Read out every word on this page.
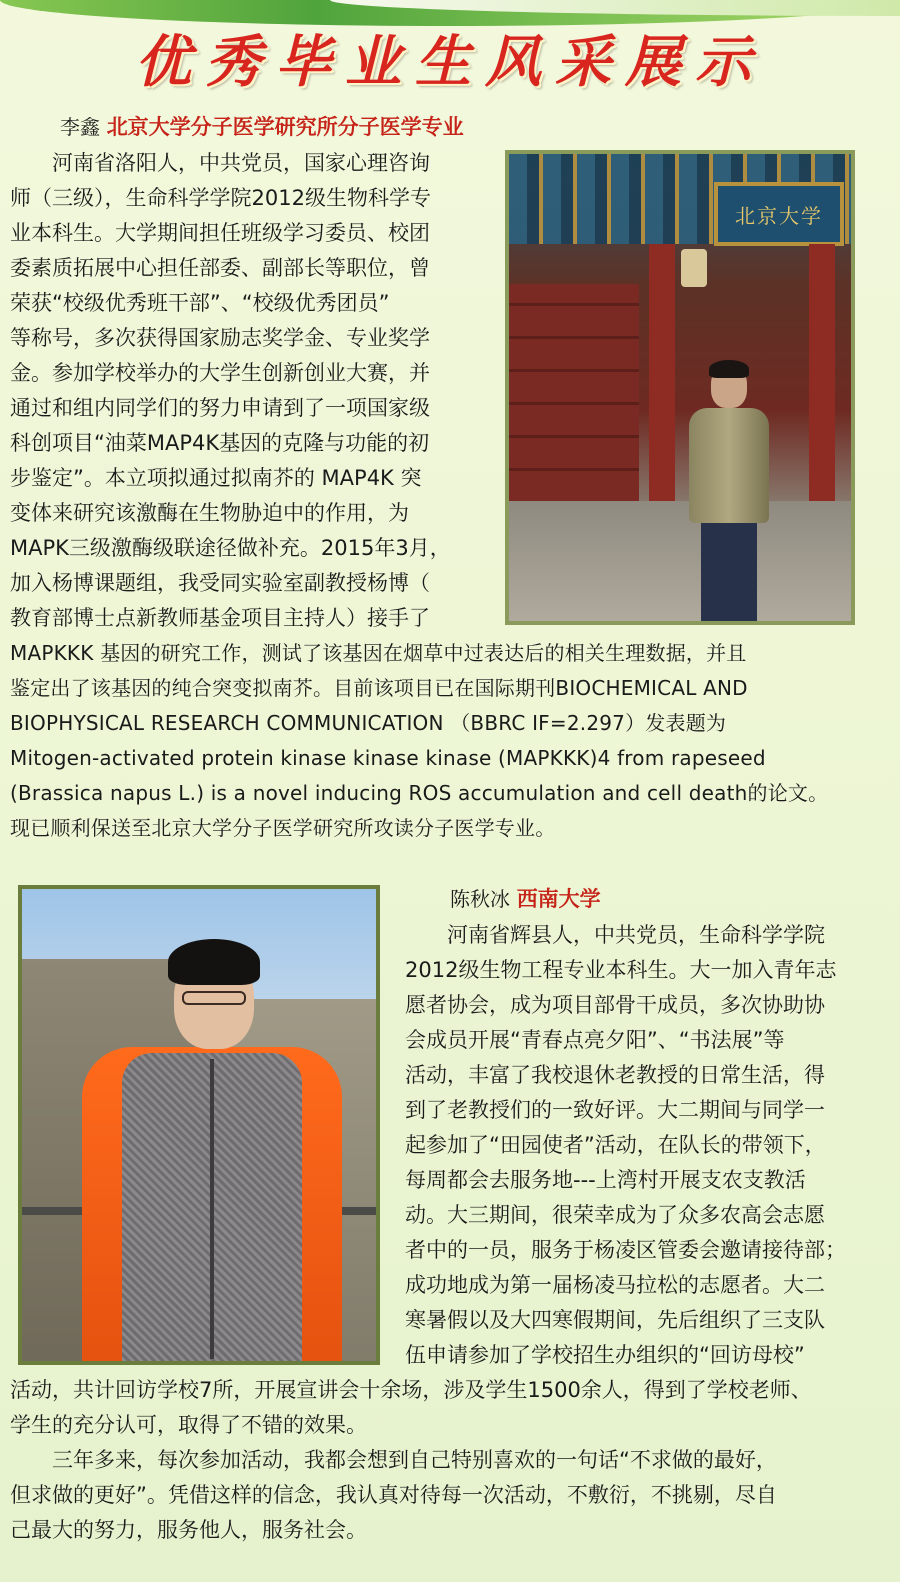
优秀毕业生风采展示
李鑫 北京大学分子医学研究所分子医学专业

河南省洛阳人，中共党员，国家心理咨询

师（三级），生命科学学院2012级生物科学专

业本科生。大学期间担任班级学习委员、校团

委素质拓展中心担任部委、副部长等职位，曾

荣获“校级优秀班干部”、“校级优秀团员”

等称号，多次获得国家励志奖学金、专业奖学

金。参加学校举办的大学生创新创业大赛，并

通过和组内同学们的努力申请到了一项国家级

科创项目“油菜MAP4K基因的克隆与功能的初

步鉴定”。本立项拟通过拟南芥的 MAP4K 突

变体来研究该激酶在生物胁迫中的作用，为

MAPK三级激酶级联途径做补充。2015年3月，

加入杨博课题组，我受同实验室副教授杨博（

教育部博士点新教师基金项目主持人）接手了

MAPKKK 基因的研究工作，测试了该基因在烟草中过表达后的相关生理数据，并且

鉴定出了该基因的纯合突变拟南芥。目前该项目已在国际期刊BIOCHEMICAL AND

BIOPHYSICAL RESEARCH COMMUNICATION （BBRC IF=2.297）发表题为

Mitogen-activated protein kinase kinase kinase (MAPKKK)4 from rapeseed

(Brassica napus L.) is a novel inducing ROS accumulation and cell death的论文。

现已顺利保送至北京大学分子医学研究所攻读分子医学专业。

北京大学
陈秋冰 西南大学

河南省辉县人，中共党员，生命科学学院

2012级生物工程专业本科生。大一加入青年志

愿者协会，成为项目部骨干成员，多次协助协

会成员开展“青春点亮夕阳”、“书法展”等

活动，丰富了我校退休老教授的日常生活，得

到了老教授们的一致好评。大二期间与同学一

起参加了“田园使者”活动，在队长的带领下，

每周都会去服务地---上湾村开展支农支教活

动。大三期间，很荣幸成为了众多农高会志愿

者中的一员，服务于杨凌区管委会邀请接待部；

成功地成为第一届杨凌马拉松的志愿者。大二

寒暑假以及大四寒假期间，先后组织了三支队

伍申请参加了学校招生办组织的“回访母校”

活动，共计回访学校7所，开展宣讲会十余场，涉及学生1500余人，得到了学校老师、

学生的充分认可，取得了不错的效果。

三年多来，每次参加活动，我都会想到自己特别喜欢的一句话“不求做的最好，

但求做的更好”。凭借这样的信念，我认真对待每一次活动，不敷衍，不挑剔，尽自

己最大的努力，服务他人，服务社会。
